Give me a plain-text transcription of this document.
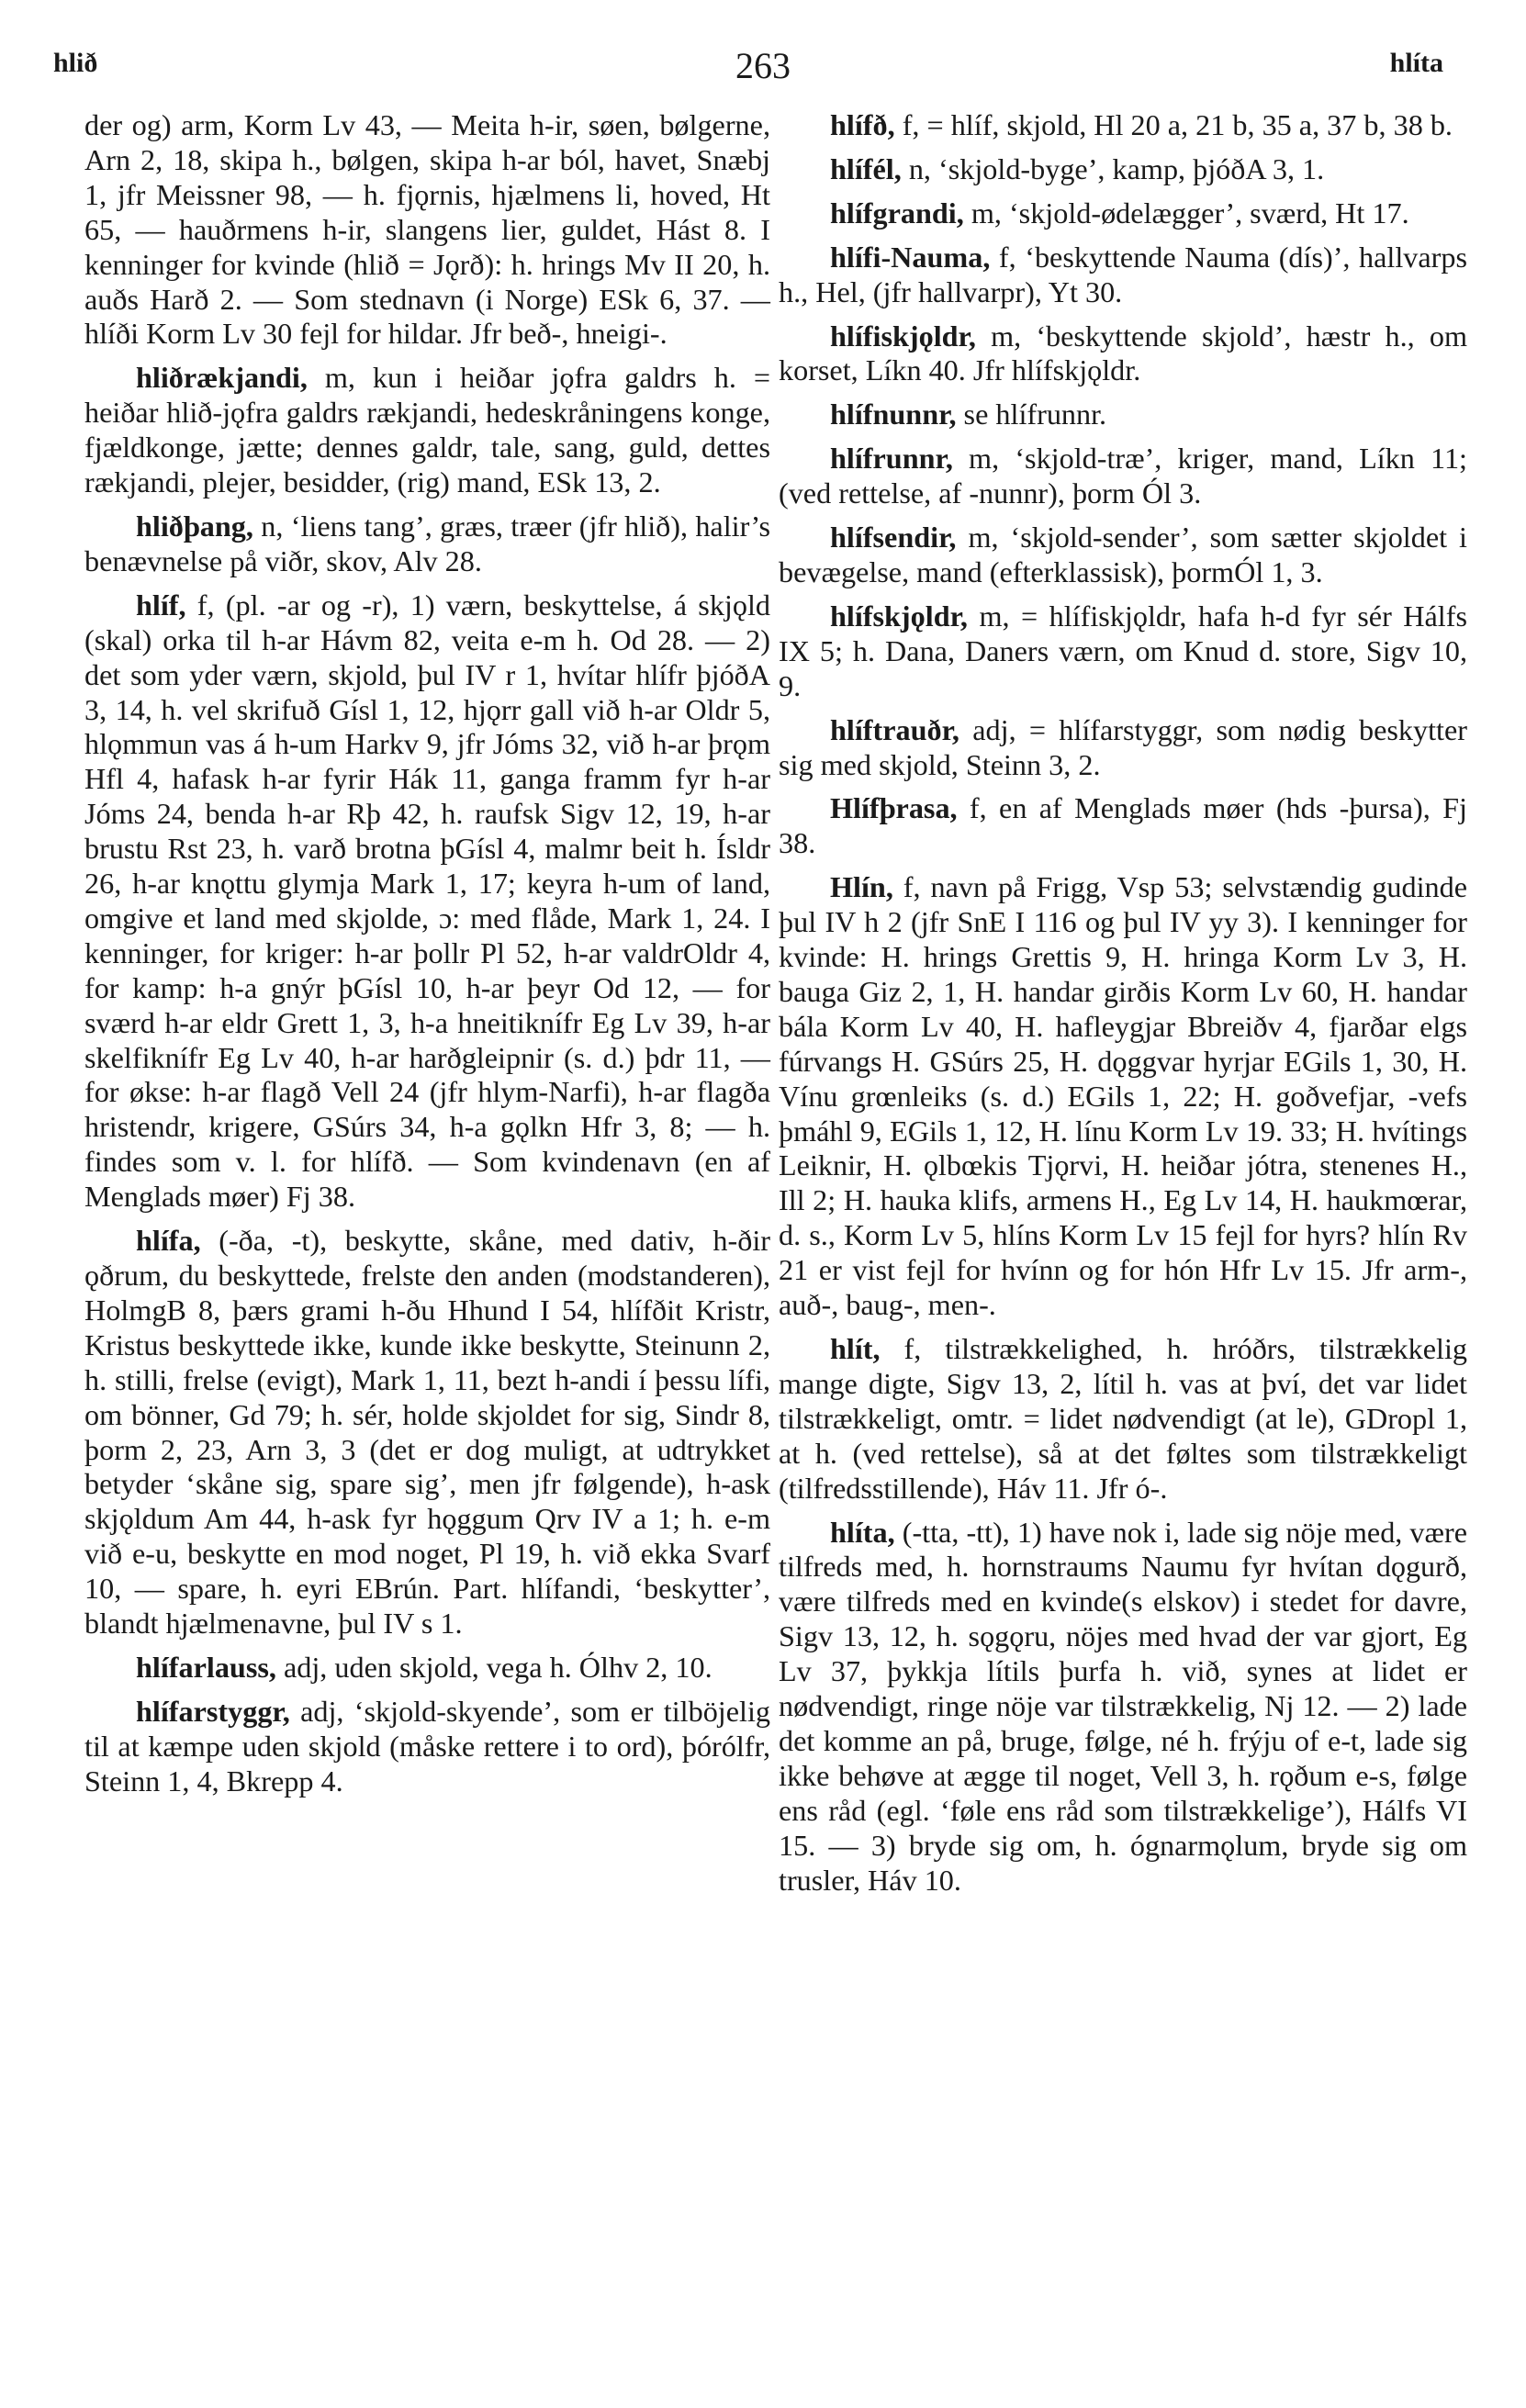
hlið	263	hlíta

der og) arm, Korm Lv 43, — Meita h-ir, søen, bølgerne, Arn 2, 18, skipa h., bølgen, skipa h-ar ból, havet, Snæbj 1, jfr Meissner 98, — h. fjǫrnis, hjælmens li, hoved, Ht 65, — hauðrmens h-ir, slangens lier, guldet, Hást 8. I kenninger for kvinde (hlið = Jǫrð): h. hrings Mv II 20, h. auðs Harð 2. — Som stednavn (i Norge) ESk 6, 37. — hlíði Korm Lv 30 fejl for hildar. Jfr beð-, hneigi-.

hliðrækjandi, m, kun i heiðar jǫfra galdrs h. = heiðar hlið-jǫfra galdrs rækjandi, hedeskråningens konge, fjældkonge, jætte; dennes galdr, tale, sang, guld, dettes rækjandi, plejer, besidder, (rig) mand, ESk 13, 2.

hliðþang, n, ‘liens tang’, græs, træer (jfr hlið), halir’s benævnelse på viðr, skov, Alv 28.

hlíf, f, (pl. -ar og -r), 1) værn, beskyttelse, á skjǫld (skal) orka til h-ar Hávm 82, veita e-m h. Od 28. — 2) det som yder værn, skjold, þul IV r 1, hvítar hlífr þjóðA 3, 14, h. vel skrifuð Gísl 1, 12, hjǫrr gall við h-ar Oldr 5, hlǫmmun vas á h-um Harkv 9, jfr Jóms 32, við h-ar þrǫm Hfl 4, hafask h-ar fyrir Hák 11, ganga framm fyr h-ar Jóms 24, benda h-ar Rþ 42, h. raufsk Sigv 12, 19, h-ar brustu Rst 23, h. varð brotna þGísl 4, malmr beit h. Ísldr 26, h-ar knǫttu glymja Mark 1, 17; keyra h-um of land, omgive et land med skjolde, ɔ: med flåde, Mark 1, 24. I kenninger, for kriger: h-ar þollr Pl 52, h-ar valdrOldr 4, for kamp: h-a gnýr þGísl 10, h-ar þeyr Od 12, — for sværd h-ar eldr Grett 1, 3, h-a hneitiknífr Eg Lv 39, h-ar skelfiknífr Eg Lv 40, h-ar harðgleipnir (s. d.) þdr 11, — for økse: h-ar flagð Vell 24 (jfr hlym-Narfi), h-ar flagða hristendr, krigere, GSúrs 34, h-a gǫlkn Hfr 3, 8; — h. findes som v. l. for hlífð. — Som kvindenavn (en af Menglads møer) Fj 38.

hlífa, (-ða, -t), beskytte, skåne, med dativ, h-ðir ǫðrum, du beskyttede, frelste den anden (modstanderen), HolmgB 8, þærs grami h-ðu Hhund I 54, hlífðit Kristr, Kristus beskyttede ikke, kunde ikke beskytte, Steinunn 2, h. stilli, frelse (evigt), Mark 1, 11, bezt h-andi í þessu lífi, om bönner, Gd 79; h. sér, holde skjoldet for sig, Sindr 8, þorm 2, 23, Arn 3, 3 (det er dog muligt, at udtrykket betyder ‘skåne sig, spare sig’, men jfr følgende), h-ask skjǫldum Am 44, h-ask fyr hǫggum Qrv IV a 1; h. e-m við e-u, beskytte en mod noget, Pl 19, h. við ekka Svarf 10, — spare, h. eyri EBrún. Part. hlífandi, ‘beskytter’, blandt hjælmenavne, þul IV s 1.

hlífarlauss, adj, uden skjold, vega h. Ólhv 2, 10.

hlífarstyggr, adj, ‘skjold-skyende’, som er tilböjelig til at kæmpe uden skjold (måske rettere i to ord), þórólfr, Steinn 1, 4, Bkrepp 4.

hlífð, f, = hlíf, skjold, Hl 20 a, 21 b, 35 a, 37 b, 38 b.

hlífél, n, ‘skjold-byge’, kamp, þjóðA 3, 1.

hlífgrandi, m, ‘skjold-ødelægger’, sværd, Ht 17.

hlífi-Nauma, f, ‘beskyttende Nauma (dís)’, hallvarps h., Hel, (jfr hallvarpr), Yt 30.

hlífiskjǫldr, m, ‘beskyttende skjold’, hæstr h., om korset, Líkn 40. Jfr hlífskjǫldr.

hlífnunnr, se hlífrunnr.

hlífrunnr, m, ‘skjold-træ’, kriger, mand, Líkn 11; (ved rettelse, af -nunnr), þorm Ól 3.

hlífsendir, m, ‘skjold-sender’, som sætter skjoldet i bevægelse, mand (efterklassisk), þormÓl 1, 3.

hlífskjǫldr, m, = hlífiskjǫldr, hafa h-d fyr sér Hálfs IX 5; h. Dana, Daners værn, om Knud d. store, Sigv 10, 9.

hlíftrauðr, adj, = hlífarstyggr, som nødig beskytter sig med skjold, Steinn 3, 2.

Hlífþrasa, f, en af Menglads møer (hds -þursa), Fj 38.

Hlín, f, navn på Frigg, Vsp 53; selvstændig gudinde þul IV h 2 (jfr SnE I 116 og þul IV yy 3). I kenninger for kvinde: H. hrings Grettis 9, H. hringa Korm Lv 3, H. bauga Giz 2, 1, H. handar girðis Korm Lv 60, H. handar bála Korm Lv 40, H. hafleygjar Bbreiðv 4, fjarðar elgs fúrvangs H. GSúrs 25, H. dǫggvar hyrjar EGils 1, 30, H. Vínu grœnleiks (s. d.) EGils 1, 22; H. goðvefjar, -vefs þmáhl 9, EGils 1, 12, H. línu Korm Lv 19. 33; H. hvítings Leiknir, H. ǫlbœkis Tjǫrvi, H. heiðar jótra, stenenes H., Ill 2; H. hauka klifs, armens H., Eg Lv 14, H. haukmœrar, d. s., Korm Lv 5, hlíns Korm Lv 15 fejl for hyrs? hlín Rv 21 er vist fejl for hvínn og for hón Hfr Lv 15. Jfr arm-, auð-, baug-, men-.

hlít, f, tilstrækkelighed, h. hróðrs, tilstrækkelig mange digte, Sigv 13, 2, lítil h. vas at því, det var lidet tilstrækkeligt, omtr. = lidet nødvendigt (at le), GDropl 1, at h. (ved rettelse), så at det føltes som tilstrækkeligt (tilfredsstillende), Háv 11. Jfr ó-.

hlíta, (-tta, -tt), 1) have nok i, lade sig nöje med, være tilfreds med, h. hornstraums Naumu fyr hvítan dǫgurð, være tilfreds med en kvinde(s elskov) i stedet for davre, Sigv 13, 12, h. sǫgǫru, nöjes med hvad der var gjort, Eg Lv 37, þykkja lítils þurfa h. við, synes at lidet er nødvendigt, ringe nöje var tilstrækkelig, Nj 12. — 2) lade det komme an på, bruge, følge, né h. frýju of e-t, lade sig ikke behøve at ægge til noget, Vell 3, h. rǫðum e-s, følge ens råd (egl. ‘føle ens råd som tilstrækkelige’), Hálfs VI 15. — 3) bryde sig om, h. ógnarmǫlum, bryde sig om trusler, Háv 10.
